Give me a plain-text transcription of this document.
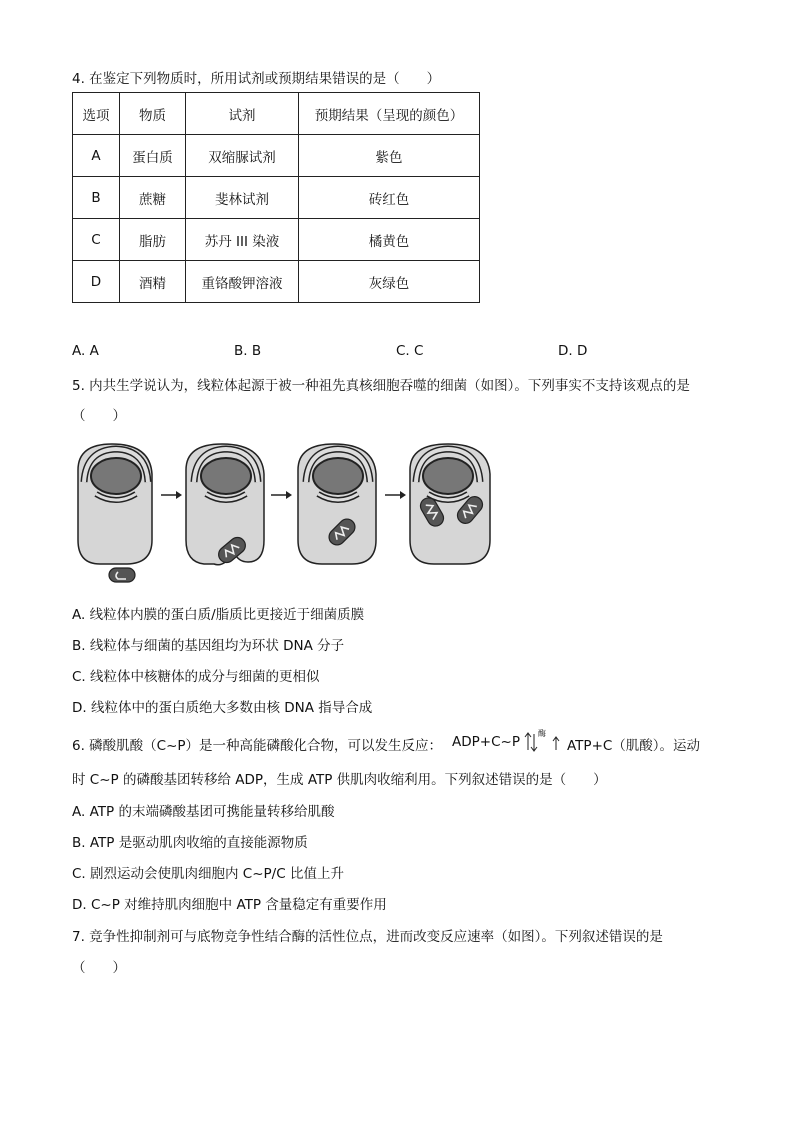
4. 在鉴定下列物质时，所用试剂或预期结果错误的是（　　）
选项	物质	试剂	预期结果（呈现的颜色）
A	蛋白质	双缩脲试剂	紫色
B	蔗糖	斐林试剂	砖红色
C	脂肪	苏丹 III 染液	橘黄色
D	酒精	重铬酸钾溶液	灰绿色
A. A	B. B	C. C	D. D
5. 内共生学说认为，线粒体起源于被一种祖先真核细胞吞噬的细菌（如图）。下列事实不支持该观点的是
（　　）
A. 线粒体内膜的蛋白质/脂质比更接近于细菌质膜
B. 线粒体与细菌的基因组均为环状 DNA 分子
C. 线粒体中核糖体的成分与细菌的更相似
D. 线粒体中的蛋白质绝大多数由核 DNA 指导合成
6. 磷酸肌酸（C~P）是一种高能磷酸化合物，可以发生反应： ADP+C~P
酶
ATP+C（肌酸）。运动
时 C~P 的磷酸基团转移给 ADP，生成 ATP 供肌肉收缩利用。下列叙述错误的是（　　）
A. ATP 的末端磷酸基团可携能量转移给肌酸
B. ATP 是驱动肌肉收缩的直接能源物质
C. 剧烈运动会使肌肉细胞内 C~P/C 比值上升
D. C~P 对维持肌肉细胞中 ATP 含量稳定有重要作用
7. 竞争性抑制剂可与底物竞争性结合酶的活性位点，进而改变反应速率（如图）。下列叙述错误的是
（　　）
